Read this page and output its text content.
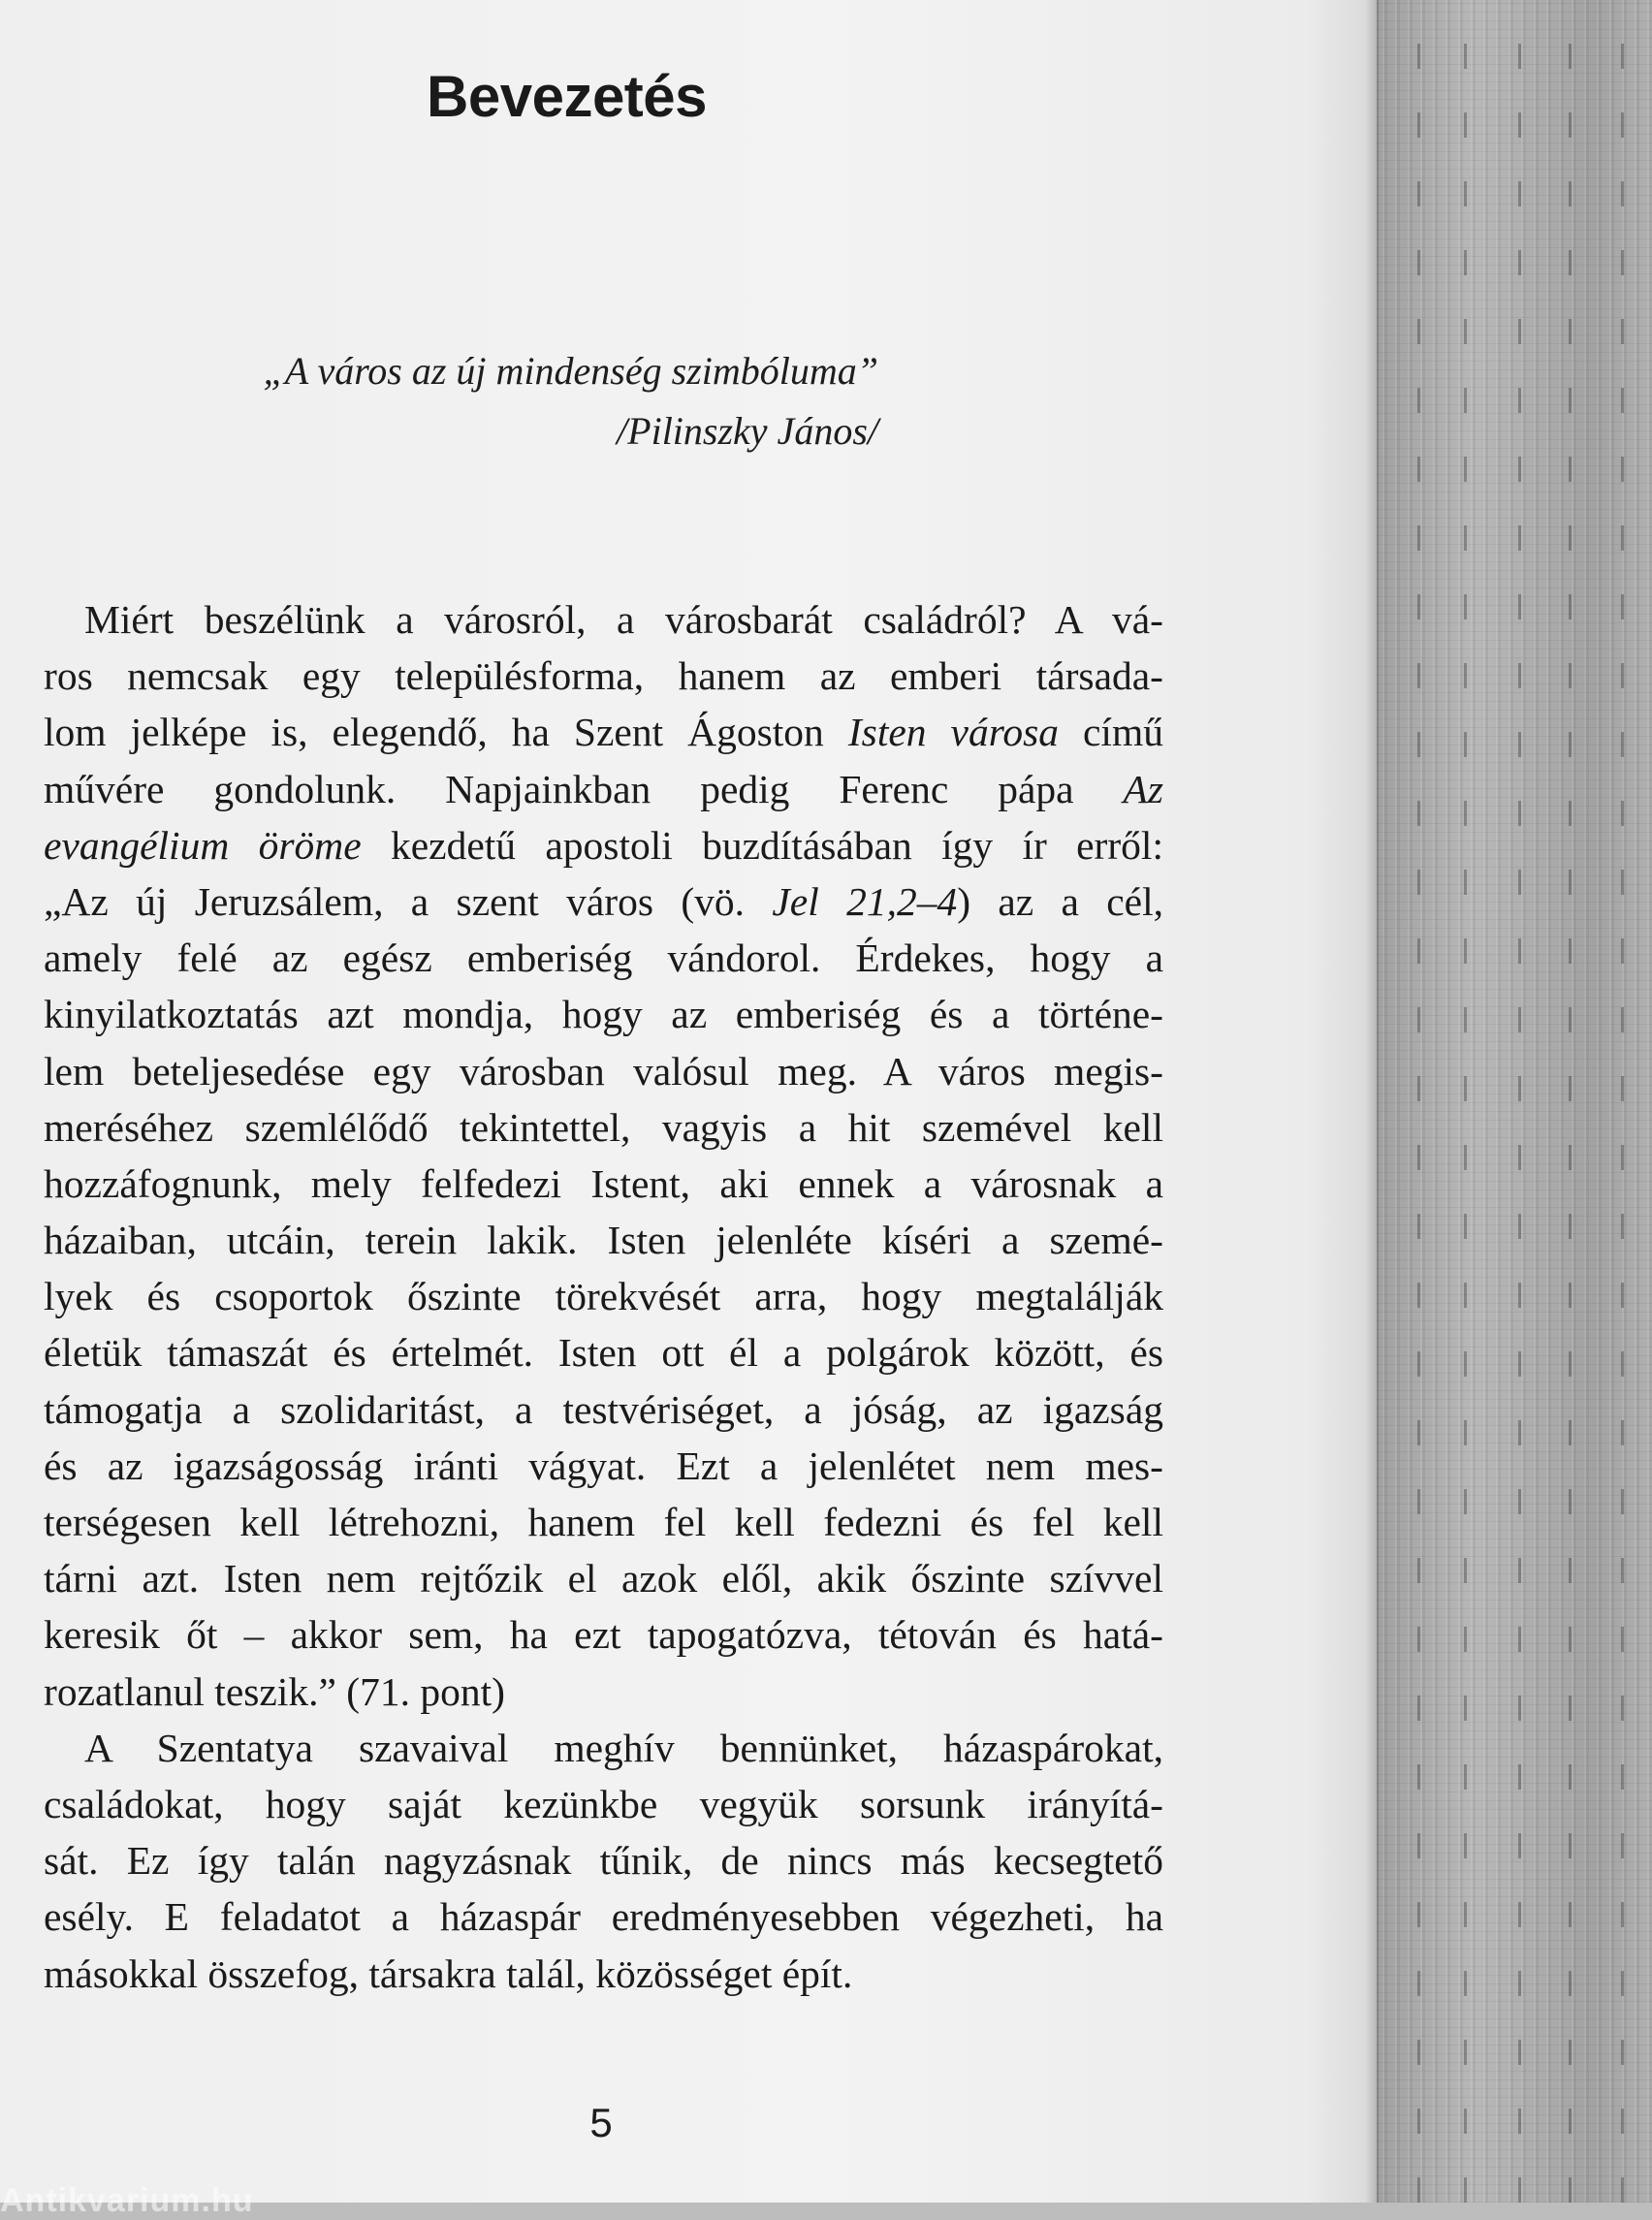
Bevezetés
„A város az új mindenség szimbóluma”
/Pilinszky János/
Miért beszélünk a városról, a városbarát családról? A vá-
ros nemcsak egy településforma, hanem az emberi társada-
lom jelképe is, elegendő, ha Szent Ágoston Isten városa című
művére gondolunk. Napjainkban pedig Ferenc pápa Az
evangélium öröme kezdetű apostoli buzdításában így ír erről:
„Az új Jeruzsálem, a szent város (vö. Jel 21,2–4) az a cél,
amely felé az egész emberiség vándorol. Érdekes, hogy a
kinyilatkoztatás azt mondja, hogy az emberiség és a történe-
lem beteljesedése egy városban valósul meg. A város megis-
meréséhez szemlélődő tekintettel, vagyis a hit szemével kell
hozzáfognunk, mely felfedezi Istent, aki ennek a városnak a
házaiban, utcáin, terein lakik. Isten jelenléte kíséri a szemé-
lyek és csoportok őszinte törekvését arra, hogy megtalálják
életük támaszát és értelmét. Isten ott él a polgárok között, és
támogatja a szolidaritást, a testvériséget, a jóság, az igazság
és az igazságosság iránti vágyat. Ezt a jelenlétet nem mes-
terségesen kell létrehozni, hanem fel kell fedezni és fel kell
tárni azt. Isten nem rejtőzik el azok elől, akik őszinte szívvel
keresik őt – akkor sem, ha ezt tapogatózva, tétován és hatá-
rozatlanul teszik.” (71. pont)
A Szentatya szavaival meghív bennünket, házaspárokat,
családokat, hogy saját kezünkbe vegyük sorsunk irányítá-
sát. Ez így talán nagyzásnak tűnik, de nincs más kecsegtető
esély. E feladatot a házaspár eredményesebben végezheti, ha
másokkal összefog, társakra talál, közösséget épít.
5
Antikvarium.hu
